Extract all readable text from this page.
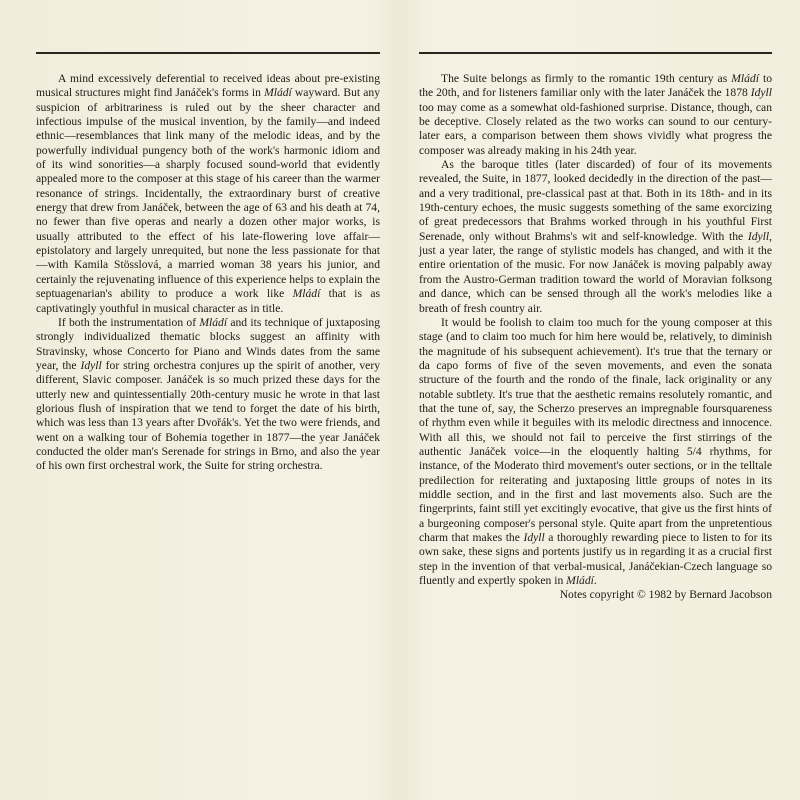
A mind excessively deferential to received ideas about pre-existing musical structures might find Janáček's forms in Mládí wayward. But any suspicion of arbitrariness is ruled out by the sheer character and infectious impulse of the musical invention, by the family—and indeed ethnic—resemblances that link many of the melodic ideas, and by the powerfully individual pungency both of the work's harmonic idiom and of its wind sonorities—a sharply focused sound-world that evidently appealed more to the composer at this stage of his career than the warmer resonance of strings. Incidentally, the extraordinary burst of creative energy that drew from Janáček, between the age of 63 and his death at 74, no fewer than five operas and nearly a dozen other major works, is usually attributed to the effect of his late-flowering love affair—epistolatory and largely unrequited, but none the less passionate for that—with Kamila Stösslová, a married woman 38 years his junior, and certainly the rejuvenating influence of this experience helps to explain the septuagenarian's ability to produce a work like Mládí that is as captivatingly youthful in musical character as in title.

If both the instrumentation of Mládí and its technique of juxtaposing strongly individualized thematic blocks suggest an affinity with Stravinsky, whose Concerto for Piano and Winds dates from the same year, the Idyll for string orchestra conjures up the spirit of another, very different, Slavic composer. Janáček is so much prized these days for the utterly new and quintessentially 20th-century music he wrote in that last glorious flush of inspiration that we tend to forget the date of his birth, which was less than 13 years after Dvořák's. Yet the two were friends, and went on a walking tour of Bohemia together in 1877—the year Janáček conducted the older man's Serenade for strings in Brno, and also the year of his own first orchestral work, the Suite for string orchestra.

The Suite belongs as firmly to the romantic 19th century as Mládí to the 20th, and for listeners familiar only with the later Janáček the 1878 Idyll too may come as a somewhat old-fashioned surprise. Distance, though, can be deceptive. Closely related as the two works can sound to our century-later ears, a comparison between them shows vividly what progress the composer was already making in his 24th year.

As the baroque titles (later discarded) of four of its movements revealed, the Suite, in 1877, looked decidedly in the direction of the past—and a very traditional, pre-classical past at that. Both in its 18th- and in its 19th-century echoes, the music suggests something of the same exorcizing of great predecessors that Brahms worked through in his youthful First Serenade, only without Brahms's wit and self-knowledge. With the Idyll, just a year later, the range of stylistic models has changed, and with it the entire orientation of the music. For now Janáček is moving palpably away from the Austro-German tradition toward the world of Moravian folksong and dance, which can be sensed through all the work's melodies like a breath of fresh country air.

It would be foolish to claim too much for the young composer at this stage (and to claim too much for him here would be, relatively, to diminish the magnitude of his subsequent achievement). It's true that the ternary or da capo forms of five of the seven movements, and even the sonata structure of the fourth and the rondo of the finale, lack originality or any notable subtlety. It's true that the aesthetic remains resolutely romantic, and that the tune of, say, the Scherzo preserves an impregnable foursquareness of rhythm even while it beguiles with its melodic directness and innocence. With all this, we should not fail to perceive the first stirrings of the authentic Janáček voice—in the eloquently halting 5/4 rhythms, for instance, of the Moderato third movement's outer sections, or in the telltale predilection for reiterating and juxtaposing little groups of notes in its middle section, and in the first and last movements also. Such are the fingerprints, faint still yet excitingly evocative, that give us the first hints of a burgeoning composer's personal style. Quite apart from the unpretentious charm that makes the Idyll a thoroughly rewarding piece to listen to for its own sake, these signs and portents justify us in regarding it as a crucial first step in the invention of that verbal-musical, Janáčekian-Czech language so fluently and expertly spoken in Mládí.

Notes copyright © 1982 by Bernard Jacobson
